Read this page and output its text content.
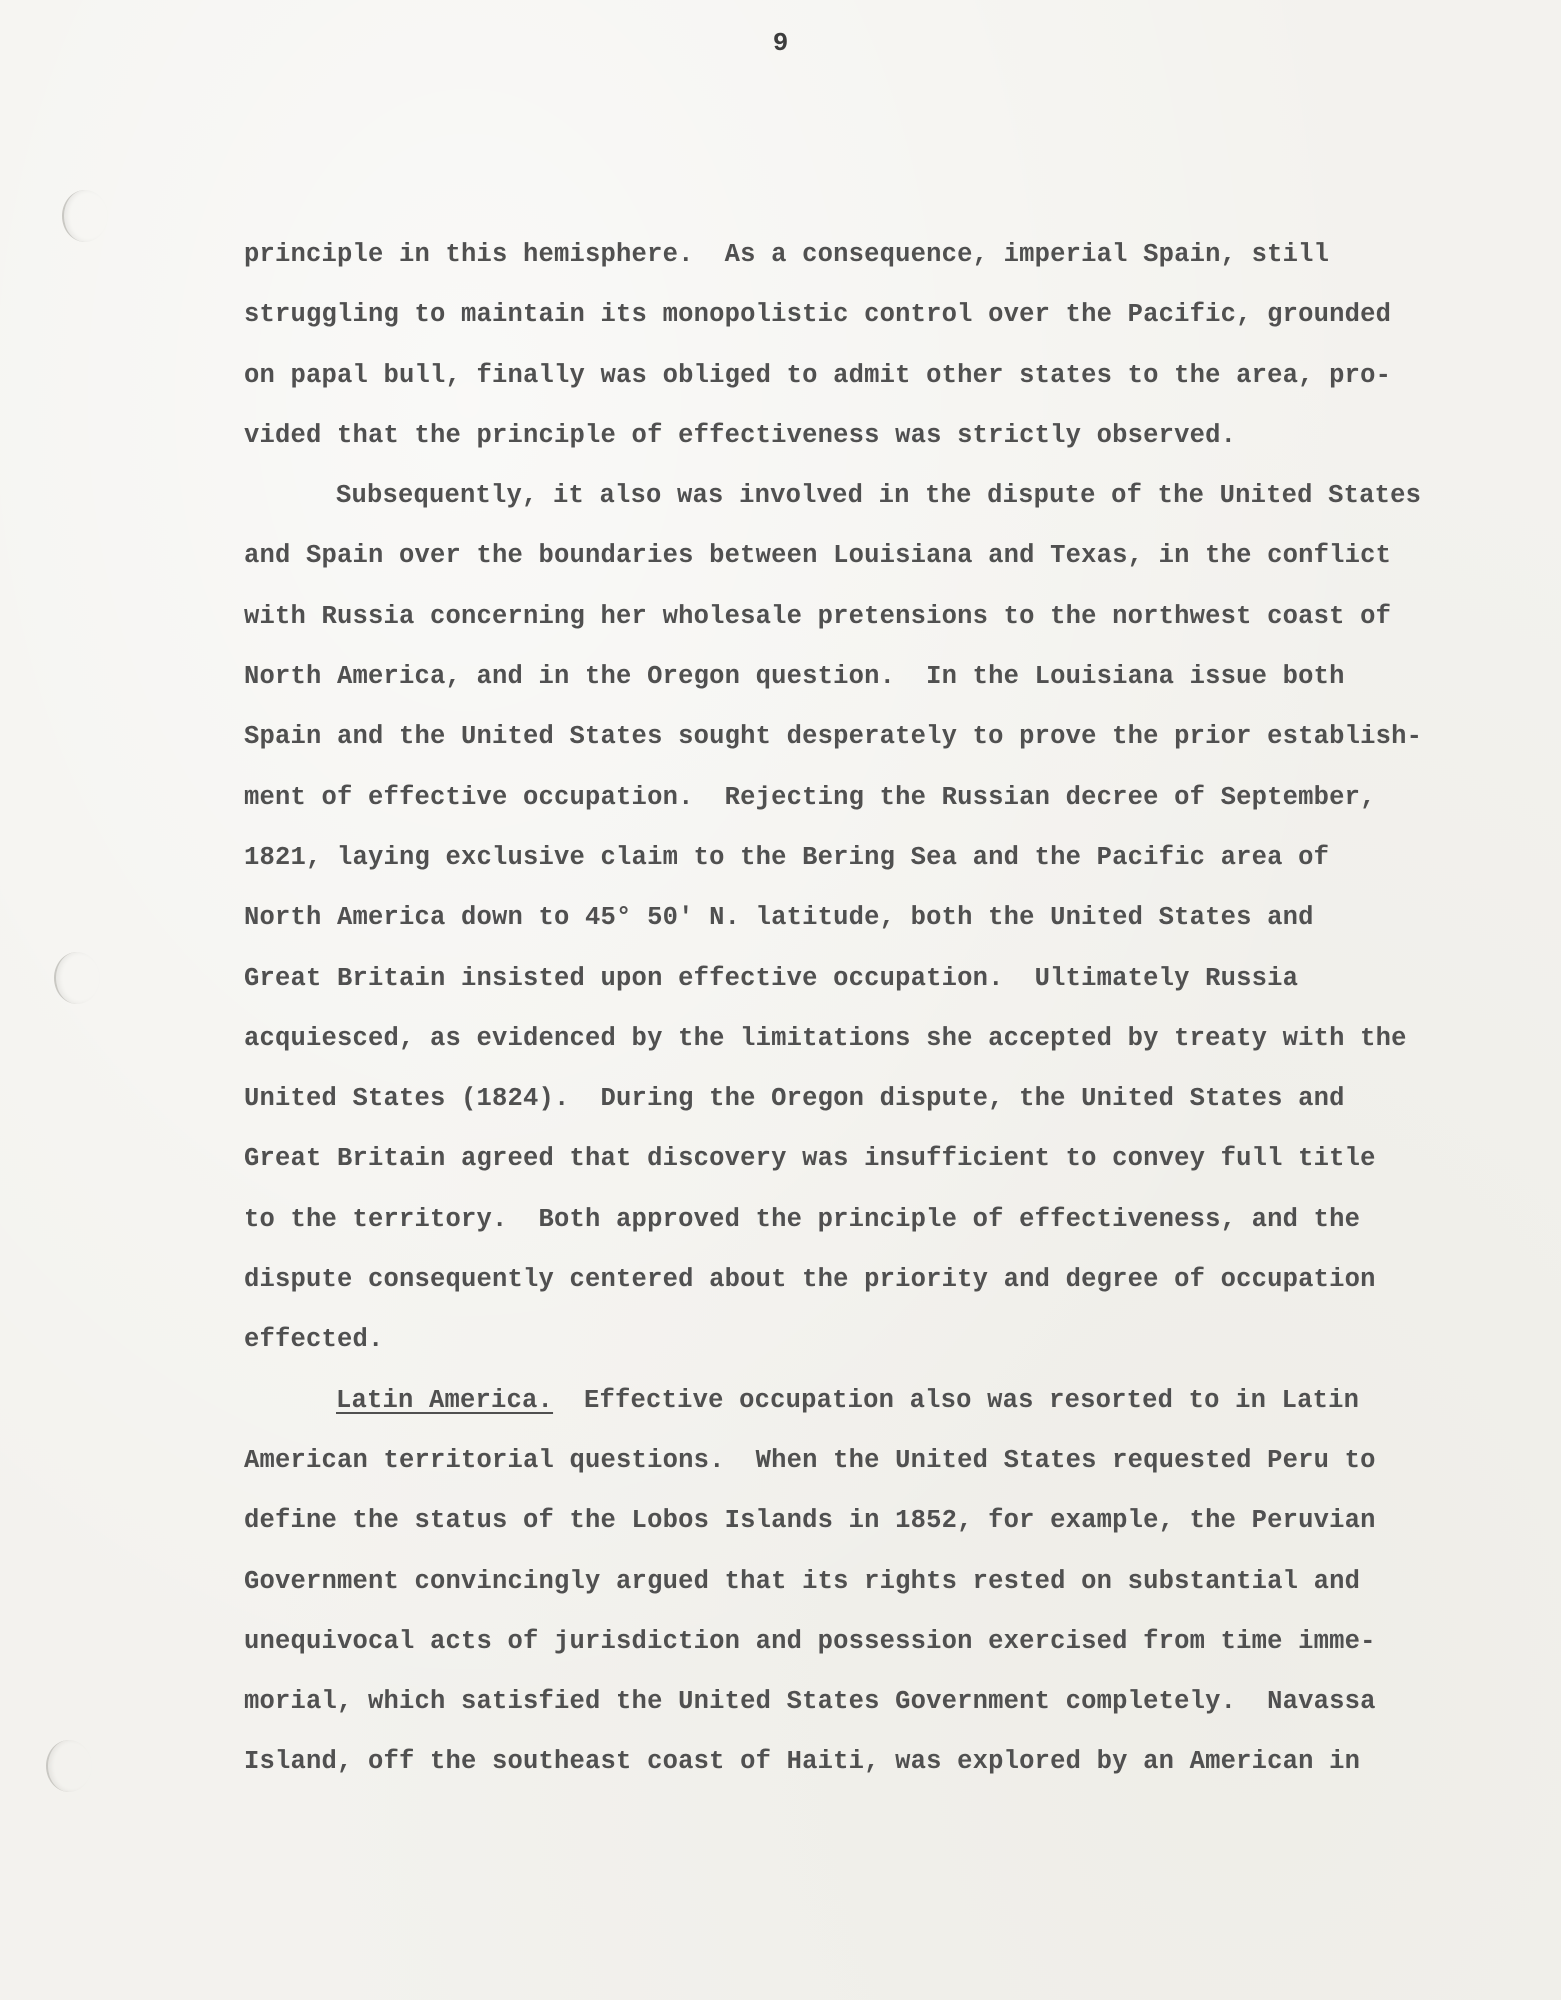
9
principle in this hemisphere.  As a consequence, imperial Spain, still
struggling to maintain its monopolistic control over the Pacific, grounded
on papal bull, finally was obliged to admit other states to the area, pro-
vided that the principle of effectiveness was strictly observed.
Subsequently, it also was involved in the dispute of the United States
and Spain over the boundaries between Louisiana and Texas, in the conflict
with Russia concerning her wholesale pretensions to the northwest coast of
North America, and in the Oregon question.  In the Louisiana issue both
Spain and the United States sought desperately to prove the prior establish-
ment of effective occupation.  Rejecting the Russian decree of September,
1821, laying exclusive claim to the Bering Sea and the Pacific area of
North America down to 45° 50' N. latitude, both the United States and
Great Britain insisted upon effective occupation.  Ultimately Russia
acquiesced, as evidenced by the limitations she accepted by treaty with the
United States (1824).  During the Oregon dispute, the United States and
Great Britain agreed that discovery was insufficient to convey full title
to the territory.  Both approved the principle of effectiveness, and the
dispute consequently centered about the priority and degree of occupation
effected.
Latin America.  Effective occupation also was resorted to in Latin
American territorial questions.  When the United States requested Peru to
define the status of the Lobos Islands in 1852, for example, the Peruvian
Government convincingly argued that its rights rested on substantial and
unequivocal acts of jurisdiction and possession exercised from time imme-
morial, which satisfied the United States Government completely.  Navassa
Island, off the southeast coast of Haiti, was explored by an American in
